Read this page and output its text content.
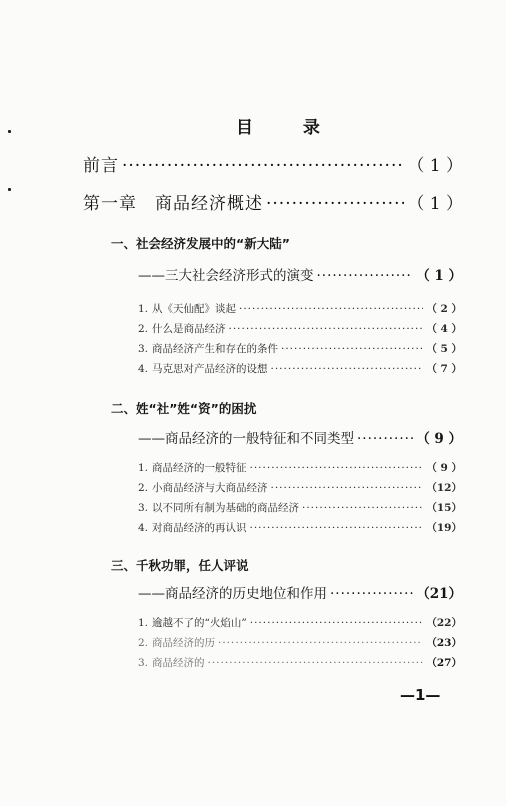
目 录
前言 ·····	（ 1 ）
第一章　商品经济概述 ·····	（ 1 ）
一、社会经济发展中的“新大陆”
——三大社会经济形式的演变 ·····	（ 1 ）
1. 从《天仙配》谈起 ·····	（ 2 ）
2. 什么是商品经济 ·····	（ 4 ）
3. 商品经济产生和存在的条件 ·····	（ 5 ）
4. 马克思对产品经济的设想 ·····	（ 7 ）
二、姓“社”姓“资”的困扰
——商品经济的一般特征和不同类型 ·····	（ 9 ）
1. 商品经济的一般特征 ·····	（ 9 ）
2. 小商品经济与大商品经济 ·····	（12）
3. 以不同所有制为基础的商品经济 ·····	（15）
4. 对商品经济的再认识 ·····	（19）
三、千秋功罪，任人评说
——商品经济的历史地位和作用 ·····	（21）
1. 逾越不了的“火焰山” ·····	（22）
2. 商品经济的历 ·····	（23）
3. 商品经济的 ·····	（27）
—1—
